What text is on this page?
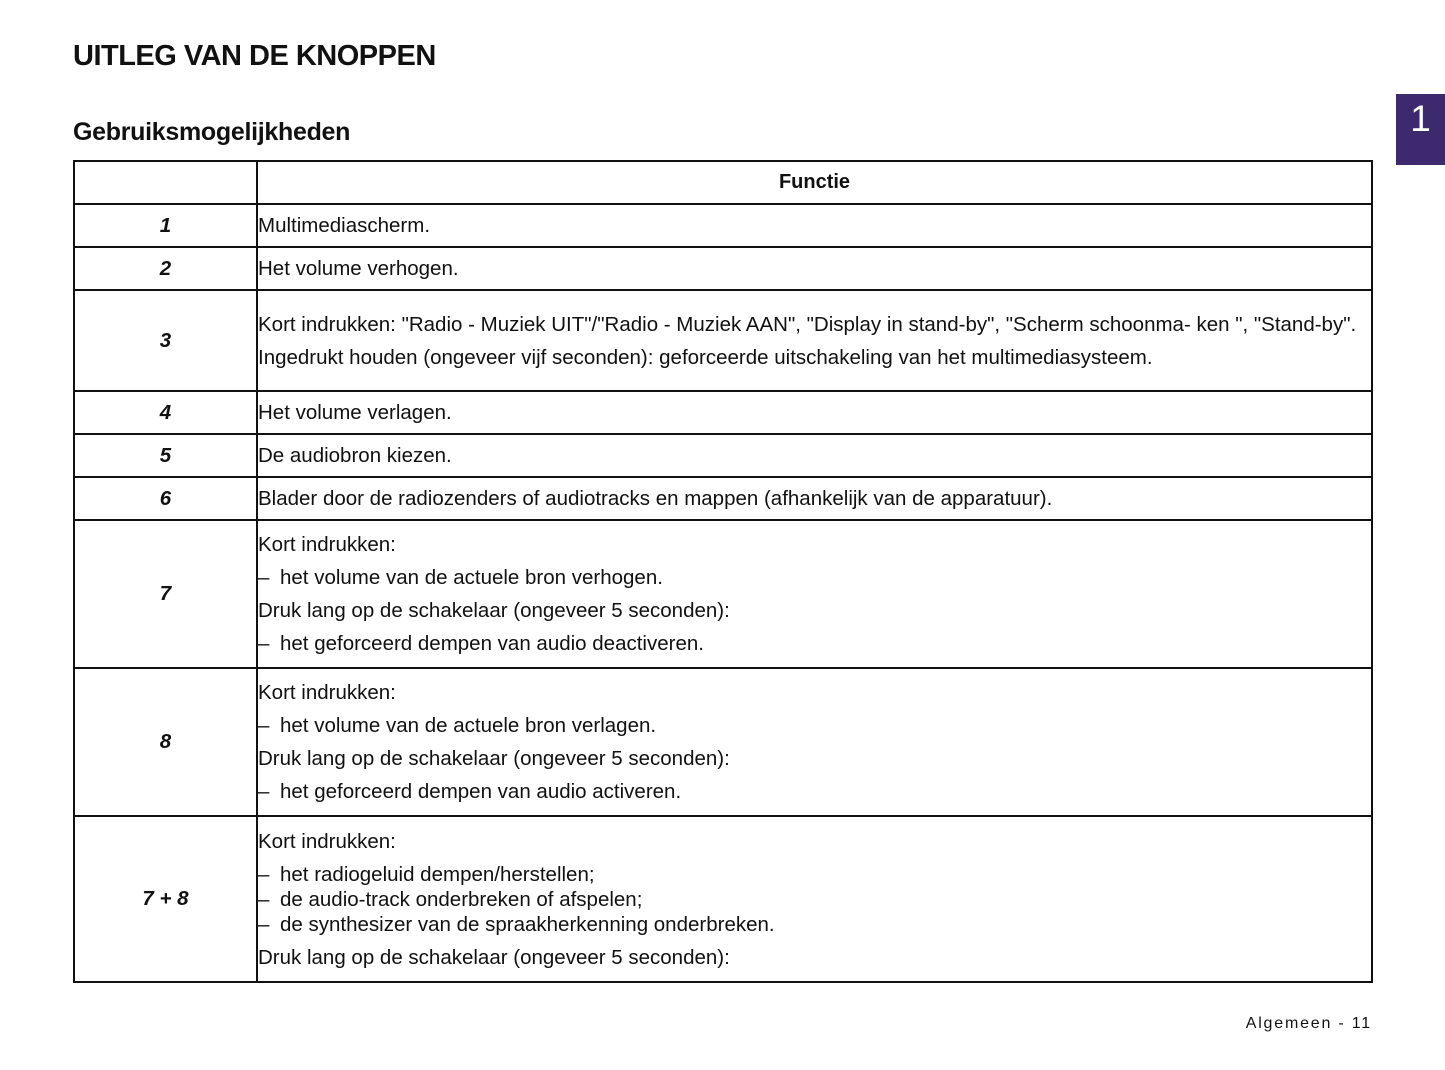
UITLEG VAN DE KNOPPEN
Gebruiksmogelijkheden	1
	Functie
1	Multimediascherm.

2	Het volume verhogen.

3	Kort indrukken: "Radio - Muziek UIT"/"Radio - Muziek AAN", "Display in stand-by", "Scherm schoonma- ken ", "Stand-by".

Ingedrukt houden (ongeveer vijf seconden): geforceerde uitschakeling van het multimediasysteem.

4	Het volume verlagen.

5	De audiobron kiezen.

6	Blader door de radiozenders of audiotracks en mappen (afhankelijk van de apparatuur).

7	Kort indrukken:

– het volume van de actuele bron verhogen.

Druk lang op de schakelaar (ongeveer 5 seconden):

– het geforceerd dempen van audio deactiveren.

8	Kort indrukken:

– het volume van de actuele bron verlagen.

Druk lang op de schakelaar (ongeveer 5 seconden):

– het geforceerd dempen van audio activeren.

7 + 8	Kort indrukken:

– het radiogeluid dempen/herstellen;

– de audio-track onderbreken of afspelen;

– de synthesizer van de spraakherkenning onderbreken.

Druk lang op de schakelaar (ongeveer 5 seconden):

Algemeen - 11
